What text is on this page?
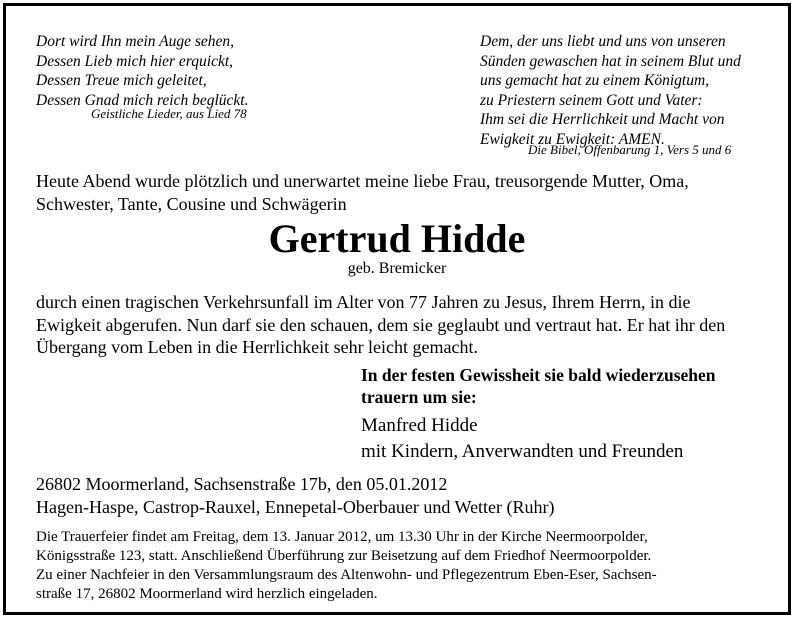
Dort wird Ihn mein Auge sehen,
Dessen Lieb mich hier erquickt,
Dessen Treue mich geleitet,
Dessen Gnad mich reich beglückt.
Geistliche Lieder, aus Lied 78
Dem, der uns liebt und uns von unseren
Sünden gewaschen hat in seinem Blut und
uns gemacht hat zu einem Königtum,
zu Priestern seinem Gott und Vater:
Ihm sei die Herrlichkeit und Macht von
Ewigkeit zu Ewigkeit: AMEN.
Die Bibel, Offenbarung 1, Vers 5 und 6
Heute Abend wurde plötzlich und unerwartet meine liebe Frau, treusorgende Mutter, Oma,
Schwester, Tante, Cousine und Schwägerin
Gertrud Hidde
geb. Bremicker
durch einen tragischen Verkehrsunfall im Alter von 77 Jahren zu Jesus, Ihrem Herrn, in die
Ewigkeit abgerufen. Nun darf sie den schauen, dem sie geglaubt und vertraut hat. Er hat ihr den
Übergang vom Leben in die Herrlichkeit sehr leicht gemacht.
In der festen Gewissheit sie bald wiederzusehen
trauern um sie:
Manfred Hidde
mit Kindern, Anverwandten und Freunden
26802 Moormerland, Sachsenstraße 17b, den 05.01.2012
Hagen-Haspe, Castrop-Rauxel, Ennepetal-Oberbauer und Wetter (Ruhr)
Die Trauerfeier findet am Freitag, dem 13. Januar 2012, um 13.30 Uhr in der Kirche Neermoorpolder,
Königsstraße 123, statt. Anschließend Überführung zur Beisetzung auf dem Friedhof Neermoorpolder.
Zu einer Nachfeier in den Versammlungsraum des Altenwohn- und Pflegezentrum Eben-Eser, Sachsen-
straße 17, 26802 Moormerland wird herzlich eingeladen.
